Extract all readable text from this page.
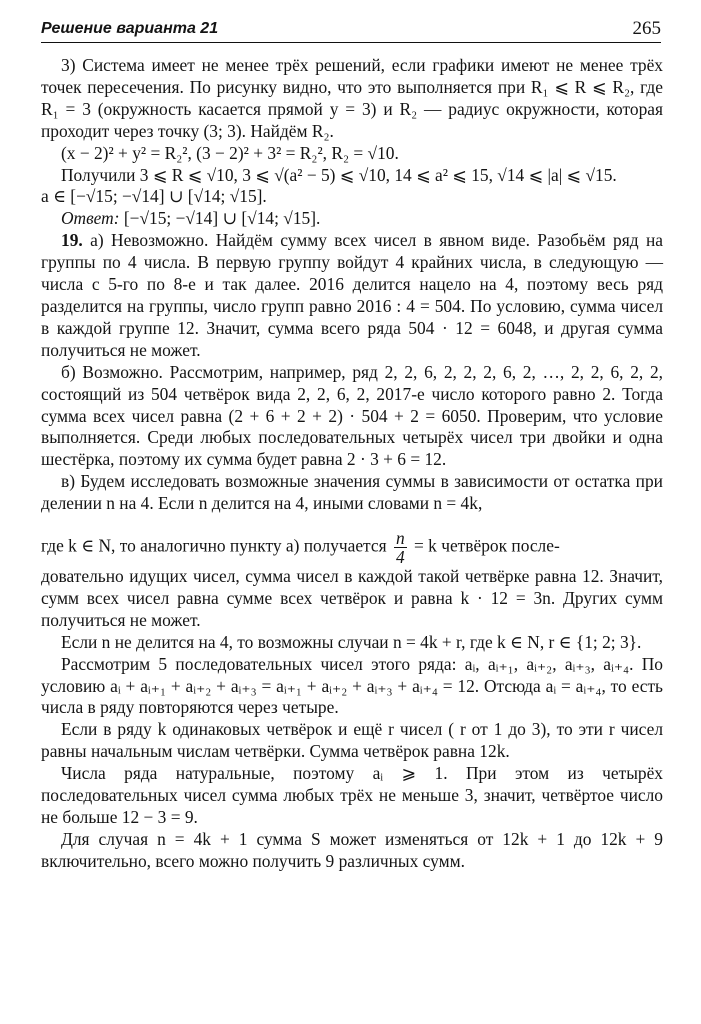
Решение варианта 21	265

3) Система имеет не менее трёх решений, если графики имеют не менее трёх точек пересечения. По рисунку видно, что это выполняется при R₁ ⩽ R ⩽ R₂, где R₁ = 3 (окружность касается прямой y = 3) и R₂ — радиус окружности, которая проходит через точку (3; 3). Найдём R₂.

(x − 2)² + y² = R₂², (3 − 2)² + 3² = R₂², R₂ = √10.

Получили 3 ⩽ R ⩽ √10, 3 ⩽ √(a² − 5) ⩽ √10, 14 ⩽ a² ⩽ 15, √14 ⩽ |a| ⩽ √15.

a ∈ [−√15; −√14] ∪ [√14; √15].

Ответ: [−√15; −√14] ∪ [√14; √15].

19. а) Невозможно. Найдём сумму всех чисел в явном виде. Разобьём ряд на группы по 4 числа. В первую группу войдут 4 крайних числа, в следующую — числа с 5-го по 8-е и так далее. 2016 делится нацело на 4, поэтому весь ряд разделится на группы, число групп равно 2016 : 4 = 504. По условию, сумма чисел в каждой группе 12. Значит, сумма всего ряда 504 · 12 = 6048, и другая сумма получиться не может.

б) Возможно. Рассмотрим, например, ряд 2, 2, 6, 2, 2, 2, 6, 2, …, 2, 2, 6, 2, 2, состоящий из 504 четвёрок вида 2, 2, 6, 2, 2017-е число которого равно 2. Тогда сумма всех чисел равна (2 + 6 + 2 + 2) · 504 + 2 = 6050. Проверим, что условие выполняется. Среди любых последовательных четырёх чисел три двойки и одна шестёрка, поэтому их сумма будет равна 2 · 3 + 6 = 12.

в) Будем исследовать возможные значения суммы в зависимости от остатка при делении n на 4. Если n делится на 4, иными словами n = 4k,

где k ∈ N, то аналогично пункту а) получается $\frac{n}{4} = k$ четвёрок после-

довательно идущих чисел, сумма чисел в каждой такой четвёрке равна 12. Значит, сумм всех чисел равна сумме всех четвёрок и равна k · 12 = 3n. Других сумм получиться не может.

Если n не делится на 4, то возможны случаи n = 4k + r, где k ∈ N, r ∈ {1; 2; 3}.

Рассмотрим 5 последовательных чисел этого ряда: aᵢ, aᵢ₊₁, aᵢ₊₂, aᵢ₊₃, aᵢ₊₄. По условию aᵢ + aᵢ₊₁ + aᵢ₊₂ + aᵢ₊₃ = aᵢ₊₁ + aᵢ₊₂ + aᵢ₊₃ + aᵢ₊₄ = 12. Отсюда aᵢ = aᵢ₊₄, то есть числа в ряду повторяются через четыре.

Если в ряду k одинаковых четвёрок и ещё r чисел ( r от 1 до 3), то эти r чисел равны начальным числам четвёрки. Сумма четвёрок равна 12k.

Числа ряда натуральные, поэтому aᵢ ⩾ 1. При этом из четырёх последовательных чисел сумма любых трёх не меньше 3, значит, четвёртое число не больше 12 − 3 = 9.

Для случая n = 4k + 1 сумма S может изменяться от 12k + 1 до 12k + 9 включительно, всего можно получить 9 различных сумм.
